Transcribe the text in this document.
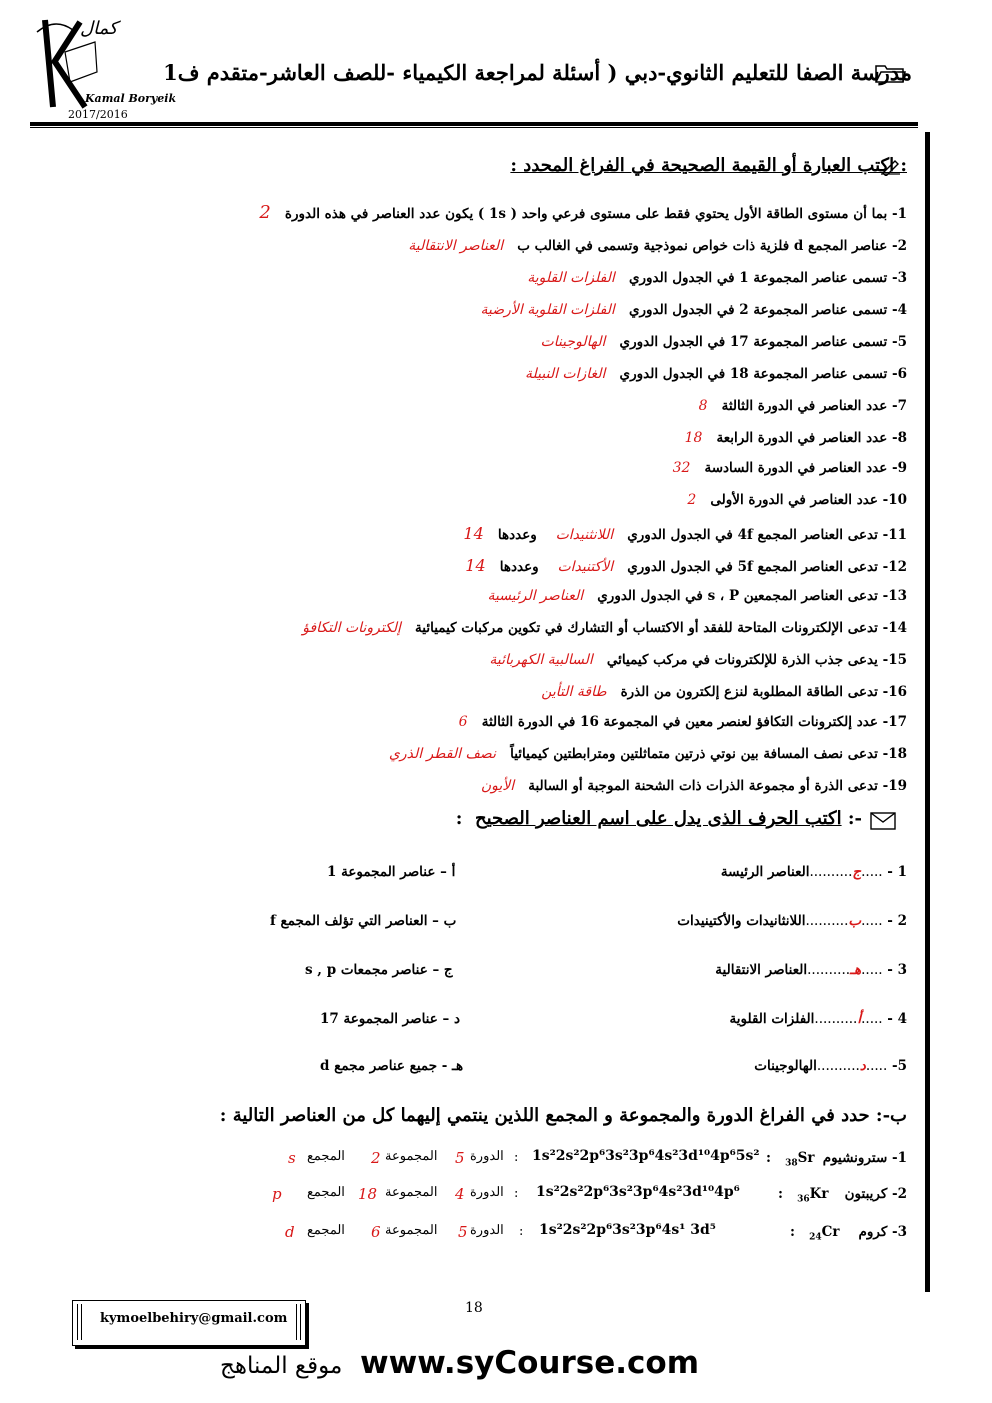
كمال
Kamal Boryeik
2017/2016
مدرسة الصفا للتعليم الثانوي-دبي ( أسئلة لمراجعة الكيمياء -للصف العاشر-متقدم ف1
: اكتب العبارة أو القيمة الصحيحة في الفراغ المحدد :
1- بما أن مستوى الطاقة الأول يحتوي فقط على مستوى فرعي واحد ( 1s ) يكون عدد العناصر في هذه الدورة   2
2- عناصر المجمع d فلزية ذات خواص نموذجية وتسمى في الغالب ب   العناصر الانتقالية
3- تسمى عناصر المجموعة 1 في الجدول الدوري   الفلزات القلوية
4- تسمى عناصر المجموعة 2 في الجدول الدوري   الفلزات القلوية الأرضية
5- تسمى عناصر المجموعة 17 في الجدول الدوري   الهالوجينات
6- تسمى عناصر المجموعة 18 في الجدول الدوري   الغازات النبيلة
7- عدد العناصر في الدورة الثالثة   8
8- عدد العناصر في الدورة الرابعة   18
9- عدد العناصر في الدورة السادسة   32
10- عدد العناصر في الدورة الأولى   2
11- تدعى العناصر المجمع 4f في الجدول الدوري   اللانثنيدات    وعددها   14
12- تدعى العناصر المجمع 5f في الجدول الدوري   الأكتنيدات    وعددها   14
13- تدعى العناصر المجمعين s ، P في الجدول الدوري   العناصر الرئيسية
14- تدعى الإلكترونات المتاحة للفقد أو الاكتساب أو التشارك في تكوين مركبات كيميائية   إلكترونات التكافؤ
15- يدعى جذب الذرة للإلكترونات في مركب كيميائي   السالبية الكهربائية
16- تدعى الطاقة المطلوبة لنزع إلكترون من الذرة   طاقة التأين
17- عدد إلكترونات التكافؤ لعنصر معين في المجموعة 16 في الدورة الثالثة   6
18- تدعى نصف المسافة بين نوتي ذرتين متماثلتين ومترابطتين كيميائياً   نصف القطر الذري
19- تدعى الذرة أو مجموعة الذرات ذات الشحنة الموجبة أو السالبة   الأيون
-: اكتب الحرف الذى يدل على اسم العناصر الصحيح  :
1 - .....ج..........العناصر الرئيسة
أ – عناصر المجموعة 1
2 - .....ب..........اللانثانيدات والأكتينيدات
ب – العناصر التي تؤلف المجمع f
3 - .....هـ..........العناصر الانتقالية
ج – عناصر مجمعات s , p
4 - .....أ..........الفلزات القلوية
د – عناصر المجموعة 17
5- .....د..........الهالوجينات
هـ - جميع عناصر مجمع d
ب-: حدد في الفراغ الدورة والمجموعة و المجمع اللذين ينتمي إليهما كل من العناصر التالية :
1- سترونشيوم
:   $_{38}$Sr
1s²2s²2p⁶3s²3p⁶4s²3d¹⁰4p⁶5s²
:
الدورة
5
المجموعة
2
المجمع
s
2- كريبتون
:   $_{36}$Kr
1s²2s²2p⁶3s²3p⁶4s²3d¹⁰4p⁶
:
الدورة
4
المجموعة
18
المجمع
p
3- كروم
:   $_{24}$Cr
1s²2s²2p⁶3s²3p⁶4s¹ 3d⁵
:
الدورة
5
المجموعة
6
المجمع
d
kymoelbehiry@gmail.com
18
www.syCourse.com
موقع المناهج
